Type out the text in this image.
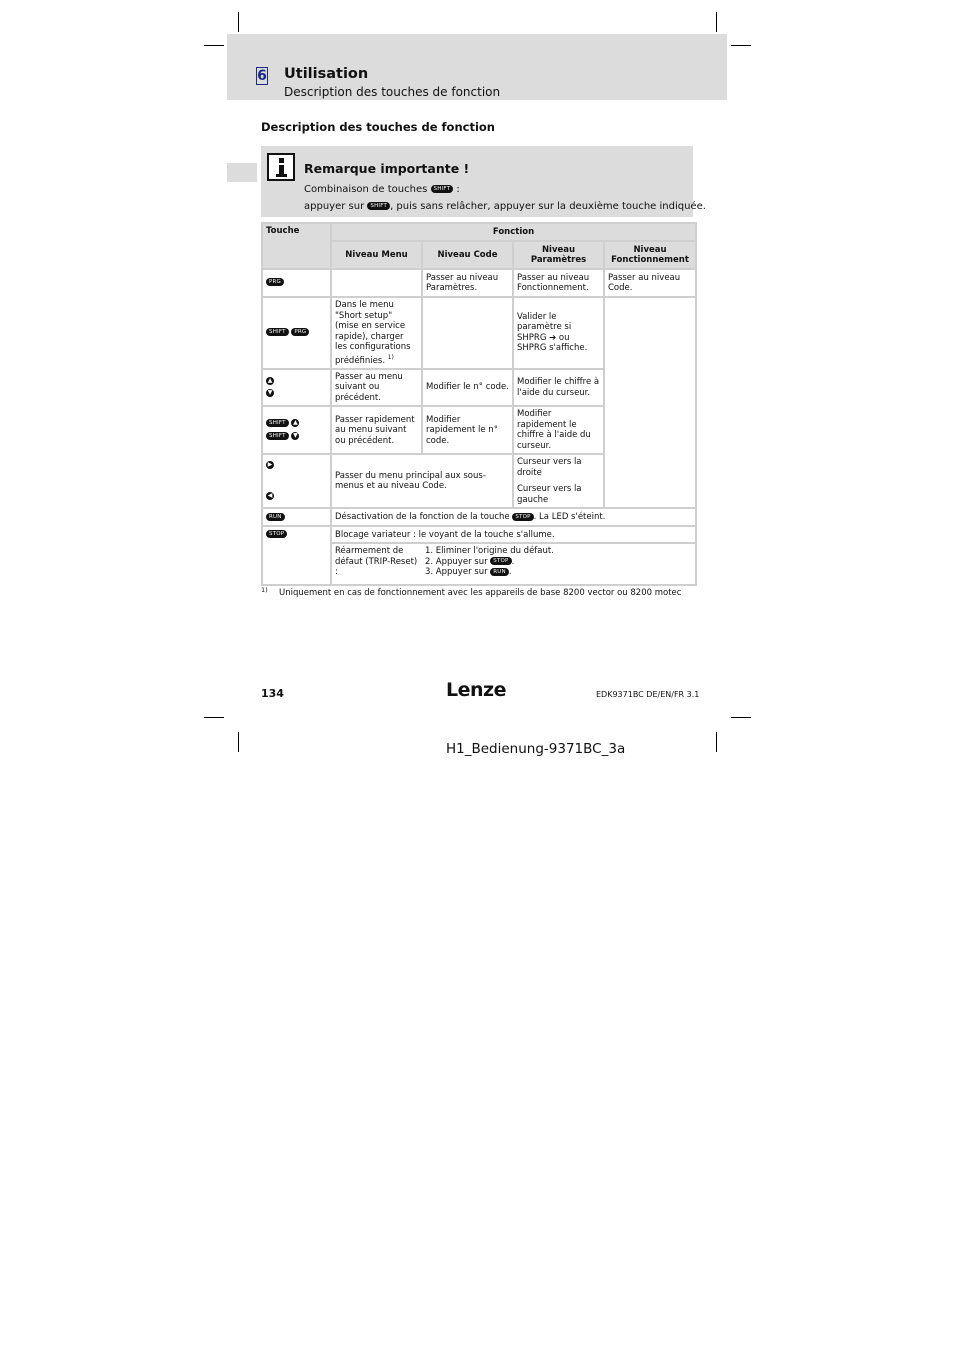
6 Utilisation
Description des touches de fonction
Description des touches de fonction
Remarque importante !
Combinaison de touches SHIFT :
appuyer sur SHIFT , puis sans relâcher, appuyer sur la deuxième touche indiquée.
Touche	Fonction			
	Niveau Menu	Niveau Code	Niveau Paramètres	Niveau
Fonctionnement

PRG		Passer au niveau Paramètres.	Passer au niveau Fonctionnement.	Passer au niveau Code.
SHIFT PRG	Dans le menu "Short setup" (mise en service rapide), charger les configurations prédéfinies. $^{1)}$		Valider le paramètre si SHPRG ➔ ou SHPRG s'affiche.	

▲
▼	Passer au menu suivant ou précédent.	Modifier le n° code.	Modifier le chiffre à l'aide du curseur.	

SHIFT ▲
SHIFT ▼	Passer rapidement au menu suivant ou précédent.	Modifier rapidement le n° code.	Modifier rapidement le chiffre à l'aide du curseur.	

▶
◀	Passer du menu principal aux sous-menus et au niveau Code.		Curseur vers la droite
Curseur vers la gauche	

RUN	Désactivation de la fonction de la touche STOP . La LED s'éteint.			
STOP	Blocage variateur : le voyant de la touche s'allume.			
	Réarmement de défaut (TRIP-Reset) :	1. Eliminer l'origine du défaut.
2. Appuyer sur STOP .
3. Appuyer sur RUN .		
1) Uniquement en cas de fonctionnement avec les appareils de base 8200 vector ou 8200 motec
134	Lenze	EDK9371BC DE/EN/FR 3.1
H1_Bedienung-9371BC_3a
